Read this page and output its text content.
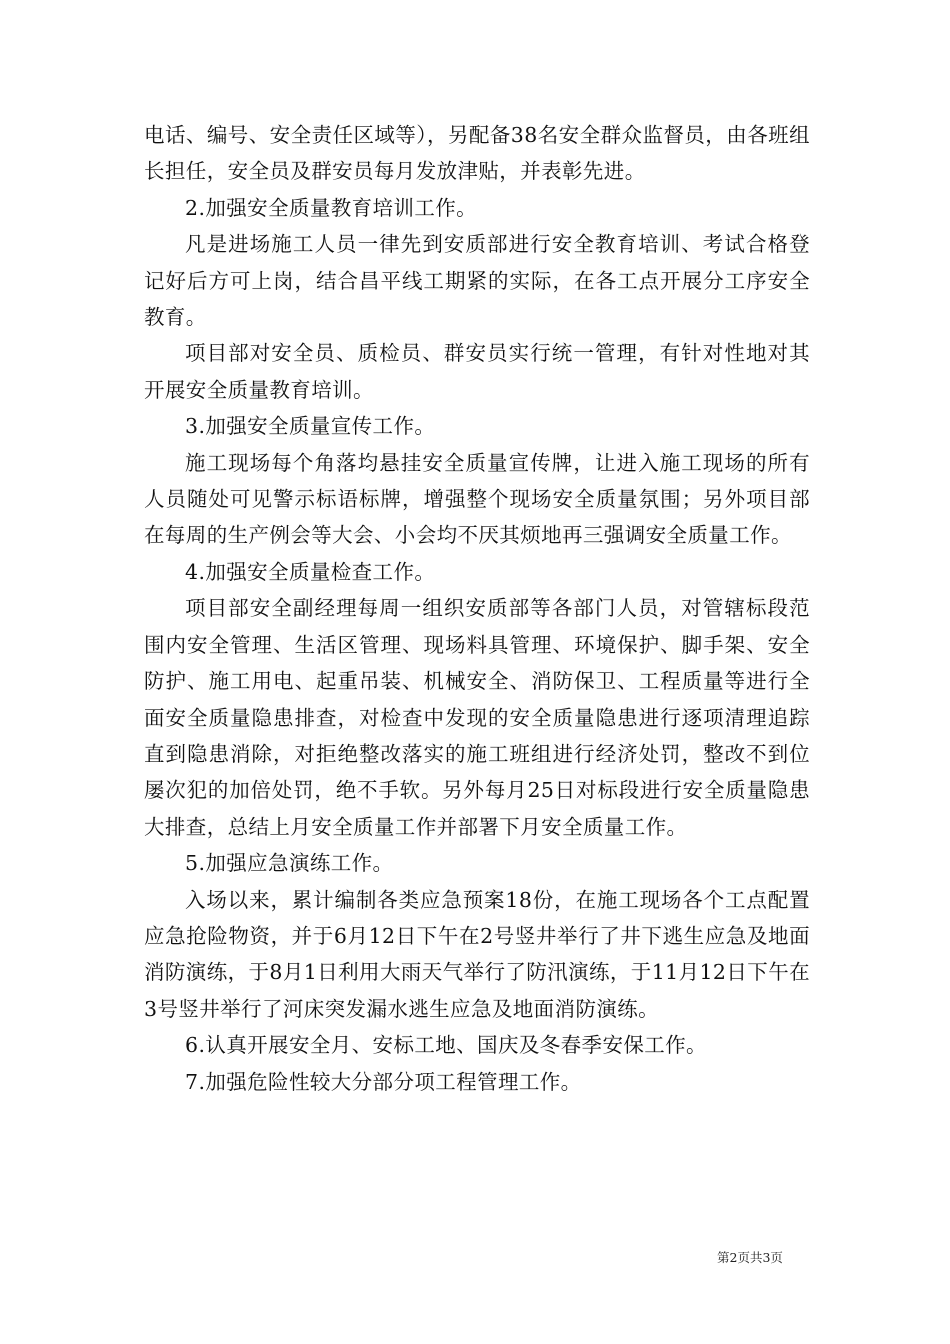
电话、编号、安全责任区域等），另配备38名安全群众监督员，由各班组长担任，安全员及群安员每月发放津贴，并表彰先进。

2.加强安全质量教育培训工作。

凡是进场施工人员一律先到安质部进行安全教育培训、考试合格登记好后方可上岗，结合昌平线工期紧的实际，在各工点开展分工序安全教育。

项目部对安全员、质检员、群安员实行统一管理，有针对性地对其开展安全质量教育培训。

3.加强安全质量宣传工作。

施工现场每个角落均悬挂安全质量宣传牌，让进入施工现场的所有人员随处可见警示标语标牌，增强整个现场安全质量氛围；另外项目部在每周的生产例会等大会、小会均不厌其烦地再三强调安全质量工作。

4.加强安全质量检查工作。

项目部安全副经理每周一组织安质部等各部门人员，对管辖标段范围内安全管理、生活区管理、现场料具管理、环境保护、脚手架、安全防护、施工用电、起重吊装、机械安全、消防保卫、工程质量等进行全面安全质量隐患排查，对检查中发现的安全质量隐患进行逐项清理追踪直到隐患消除，对拒绝整改落实的施工班组进行经济处罚，整改不到位屡次犯的加倍处罚，绝不手软。另外每月25日对标段进行安全质量隐患大排查，总结上月安全质量工作并部署下月安全质量工作。

5.加强应急演练工作。

入场以来，累计编制各类应急预案18份，在施工现场各个工点配置应急抢险物资，并于6月12日下午在2号竖井举行了井下逃生应急及地面消防演练，于8月1日利用大雨天气举行了防汛演练，于11月12日下午在3号竖井举行了河床突发漏水逃生应急及地面消防演练。

6.认真开展安全月、安标工地、国庆及冬春季安保工作。

7.加强危险性较大分部分项工程管理工作。

第2页共3页
